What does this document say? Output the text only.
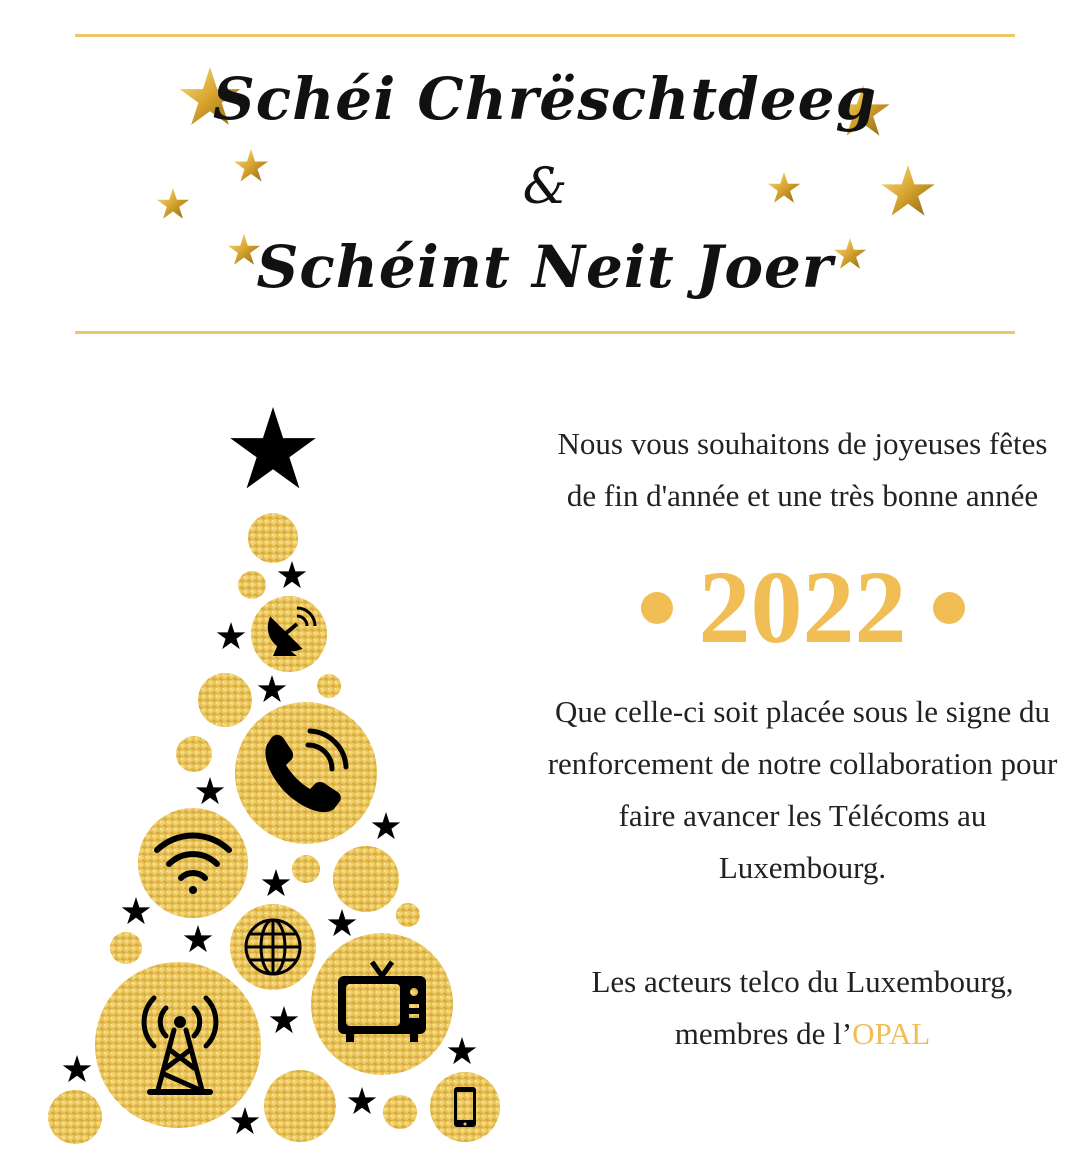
Schéi Chrëschtdeeg
&
Schéint Neit Joer

Nous vous souhaitons de joyeuses fêtes de fin d'année et une très bonne année

2022

Que celle-ci soit placée sous le signe du renforcement de notre collaboration pour faire avancer les Télécoms au Luxembourg.

Les acteurs telco du Luxembourg, membres de l’OPAL
